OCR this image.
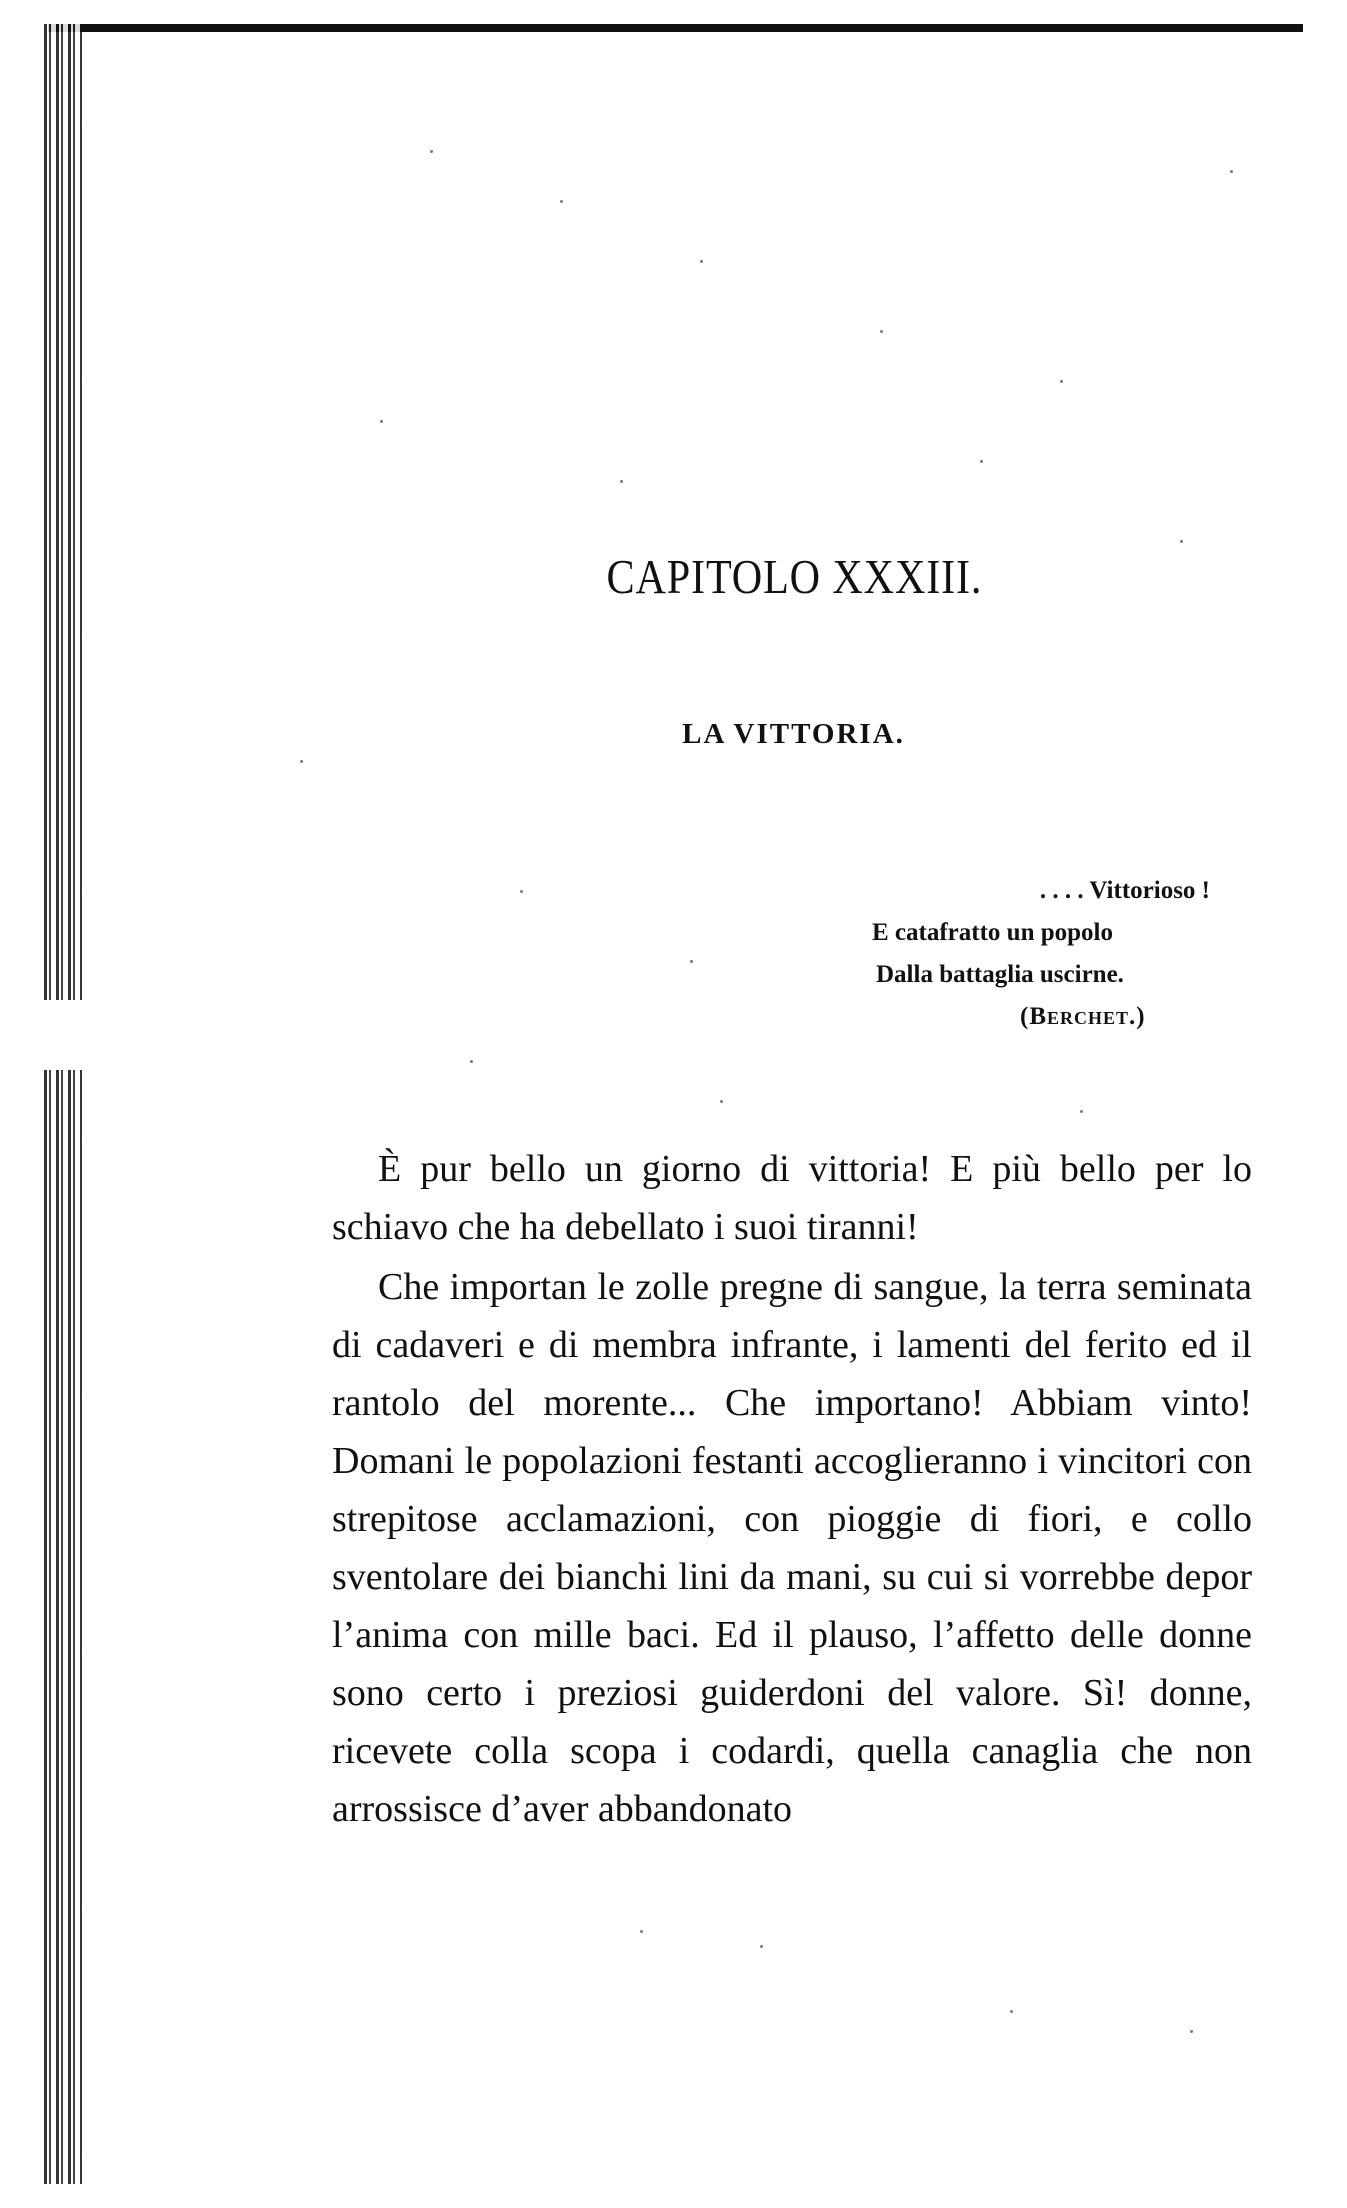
CAPITOLO XXXIII.
LA VITTORIA.
. . . . Vittorioso !
E catafratto un popolo
Dalla battaglia uscirne.
(Berchet.)

È pur bello un giorno di vittoria! E più bello per lo schiavo che ha debellato i suoi tiranni!

Che importan le zolle pregne di sangue, la terra seminata di cadaveri e di membra infrante, i lamenti del ferito ed il rantolo del morente... Che importano! Abbiam vinto! Domani le popolazioni festanti accoglieranno i vincitori con strepitose acclamazioni, con pioggie di fiori, e collo sventolare dei bianchi lini da mani, su cui si vorrebbe depor l’anima con mille baci. Ed il plauso, l’affetto delle donne sono certo i preziosi guiderdoni del valore. Sì! donne, ricevete colla scopa i codardi, quella canaglia che non arrossisce d’aver abbandonato
